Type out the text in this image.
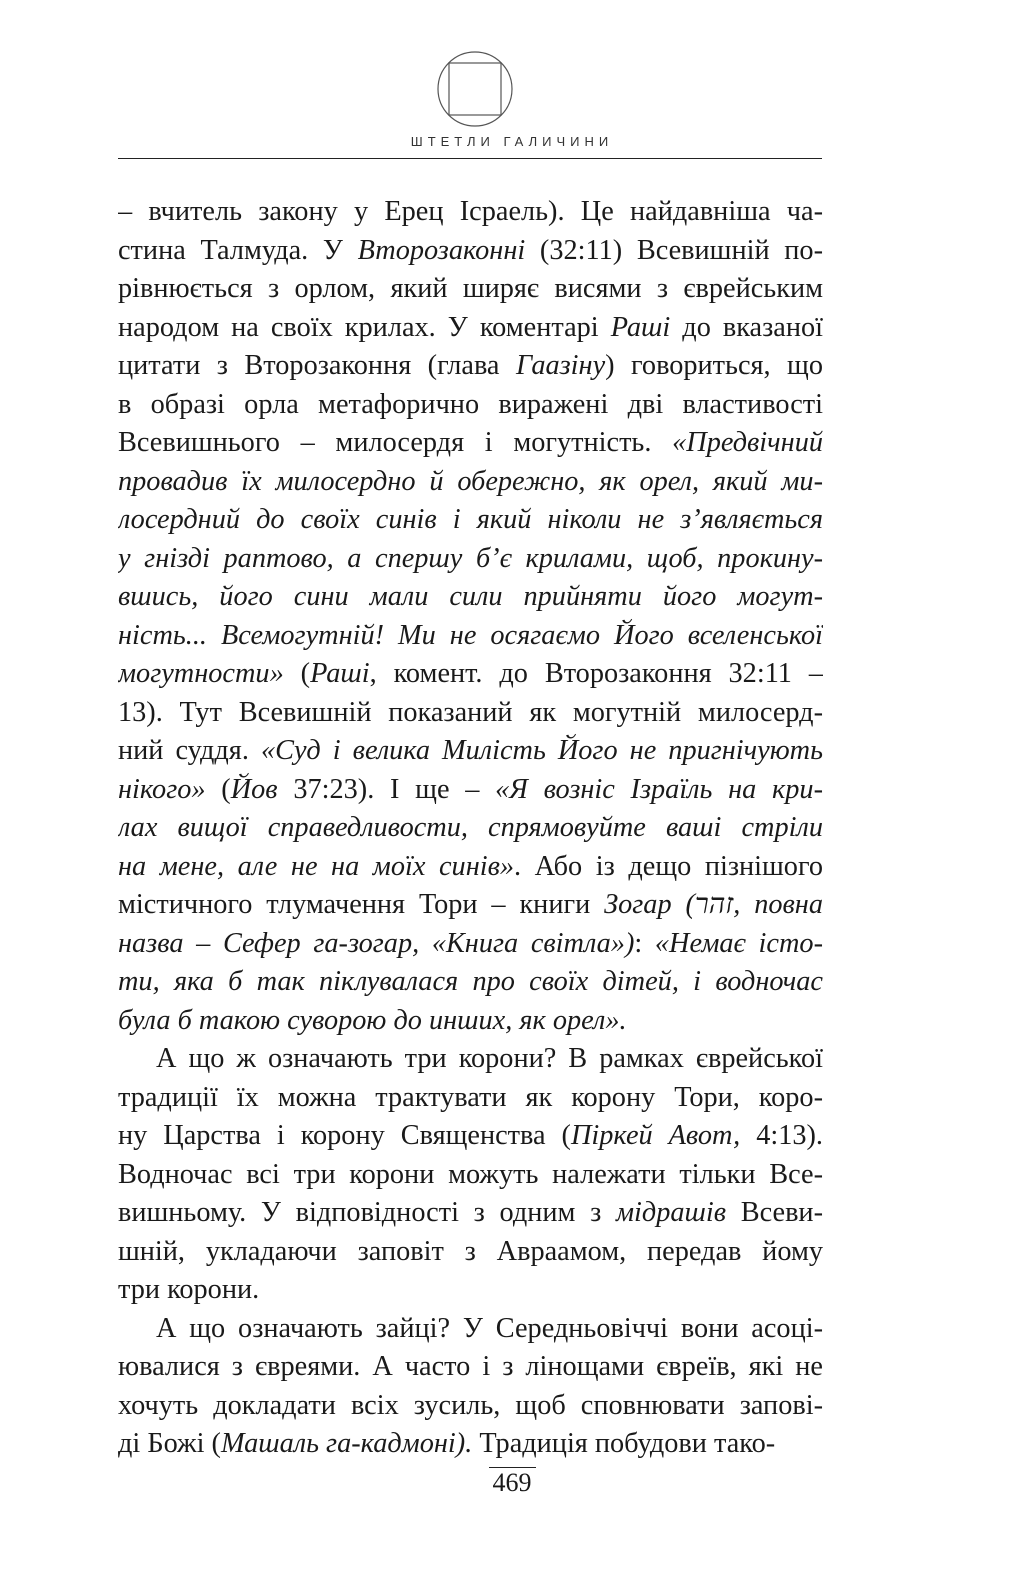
ШТЕТЛИ ГАЛИЧИНИ
– вчитель закону у Ерец Ісраель). Це найдавніша ча-
стина Талмуда. У Второзаконні (32:11) Всевишній по-
рівнюється з орлом, який ширяє висями з єврейським
народом на своїх крилах. У коментарі Раші до вказаної
цитати з Второзаконня (глава Гаазіну) говориться, що
в образі орла метафорично виражені дві властивості
Всевишнього – милосердя і могутність. «Предвічний
провадив їх милосердно й обережно, як орел, який ми-
лосердний до своїх синів і який ніколи не з’являється
у гнізді раптово, а спершу б’є крилами, щоб, прокину-
вшись, його сини мали сили прийняти його могут-
ність... Всемогутній! Ми не осягаємо Його вселенської
могутности» (Раші, комент. до Второзаконня 32:11 –
13). Тут Всевишній показаний як могутній милосерд-
ний суддя. «Суд і велика Милість Його не пригнічують
нікого» (Йов 37:23). І ще – «Я возніс Ізраїль на кри-
лах вищої справедливости, спрямовуйте ваші стріли
на мене, але не на моїх синів». Або із дещо пізнішого
містичного тлумачення Тори – книги Зогар (זהר, повна
назва – Сефер га-зогар, «Книга світла»): «Немає істо-
ти, яка б так піклувалася про своїх дітей, і водночас
була б такою суворою до инших, як орел».
А що ж означають три корони? В рамках єврейської
традиції їх можна трактувати як корону Тори, коро-
ну Царства і корону Священства (Піркей Авот, 4:13).
Водночас всі три корони можуть належати тільки Все-
вишньому. У відповідності з одним з мідрашів Всеви-
шній, укладаючи заповіт з Авраамом, передав йому
три корони.
А що означають зайці? У Середньовіччі вони асоці-
ювалися з євреями. А часто і з лінощами євреїв, які не
хочуть докладати всіх зусиль, щоб сповнювати запові-
ді Божі (Машаль га-кадмоні). Традиція побудови тако-
469
